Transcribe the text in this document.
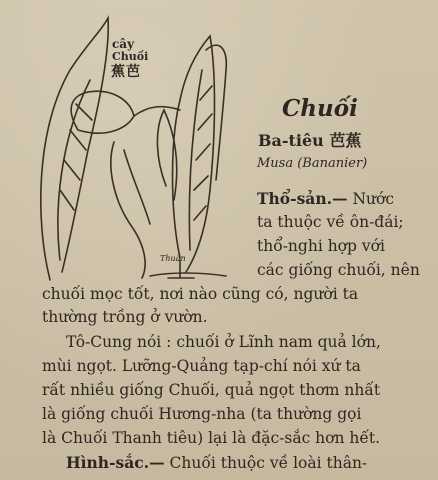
cây
Chuối
蕉芭
Thuần
Chuối
Ba-tiêu 芭蕉
Musa (Bananier)
Thổ-sản.— Nước
ta thuộc về ôn-đái;
thổ-nghi hợp với
các giống chuối, nên
chuối mọc tốt, nơi nào cũng có, người ta
thường trồng ở vườn.
Tô-Cung nói : chuối ở Lĩnh nam quả lớn,
mùi ngọt. Lưỡng-Quảng tạp-chí nói xứ ta
rất nhiều giống Chuối, quả ngọt thơm nhất
là giống chuối Hương-nha (ta thường gọi
là Chuối Thanh tiêu) lại là đặc-sắc hơn hết.
Hình-sắc.— Chuối thuộc về loài thân-
